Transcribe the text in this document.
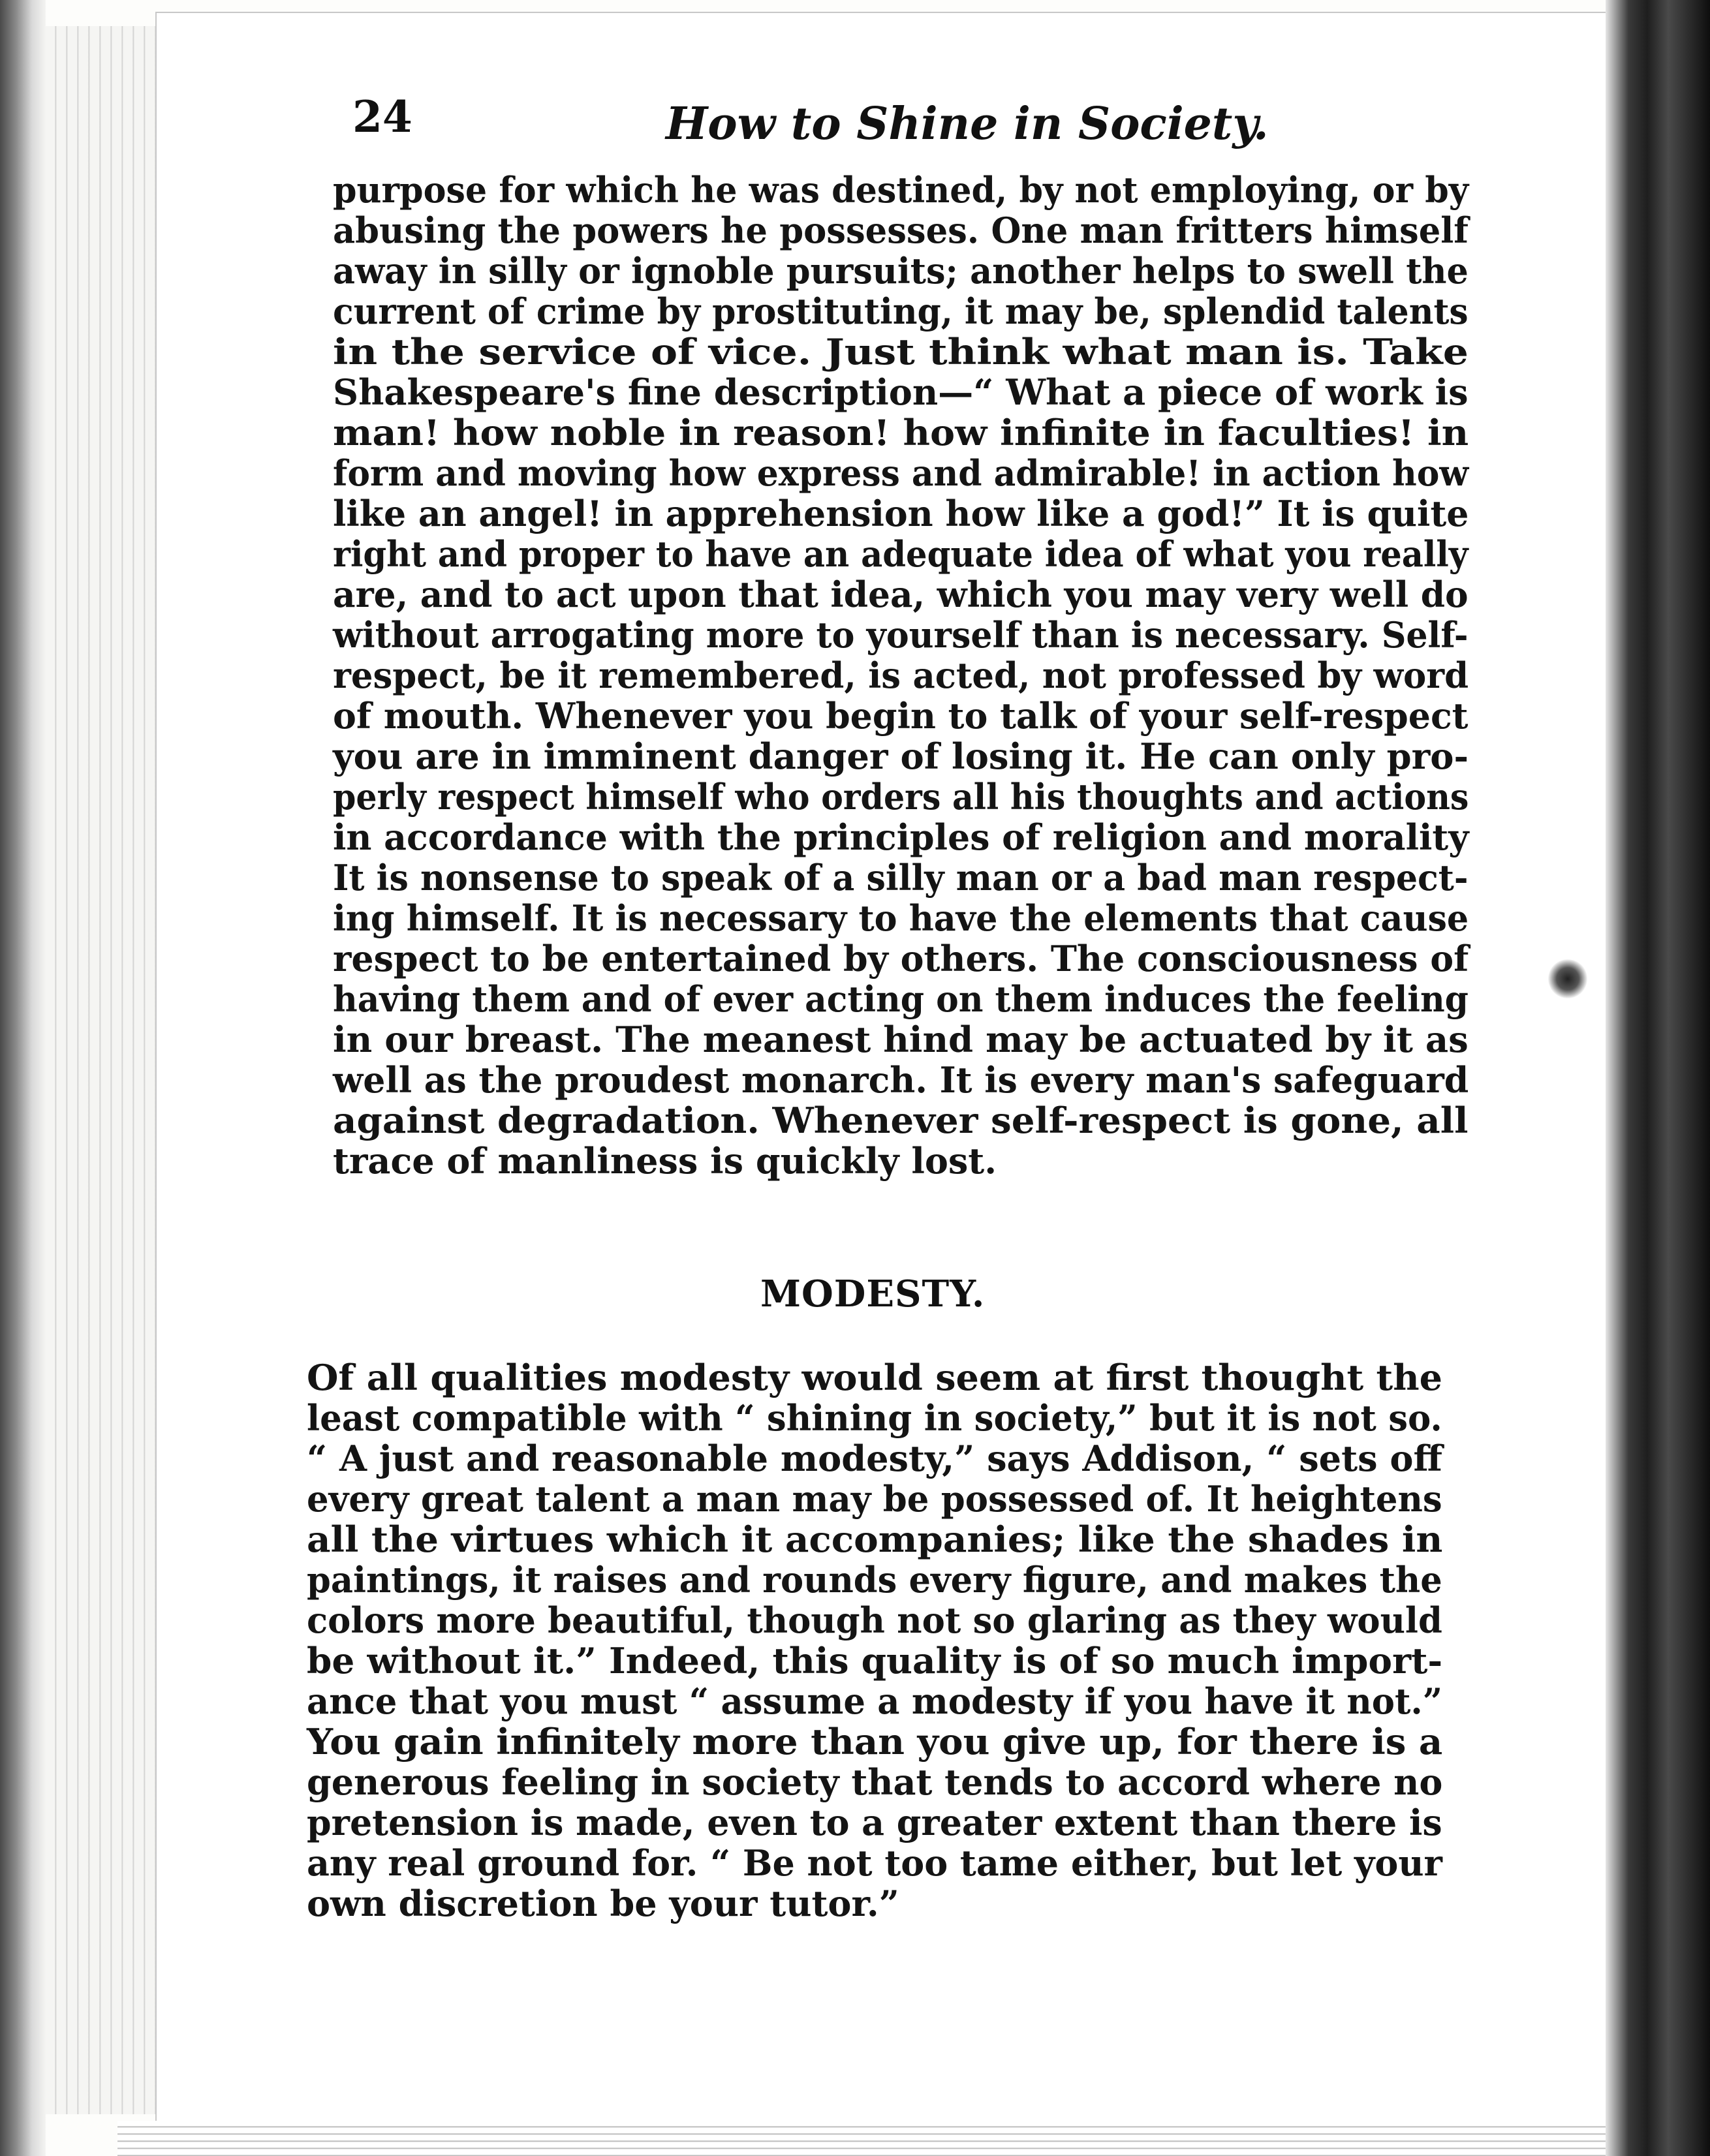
24	How to Shine in Society.
purpose for which he was destined, by not employing, or by
abusing the powers he possesses. One man fritters himself
away in silly or ignoble pursuits; another helps to swell the
current of crime by prostituting, it may be, splendid talents
in the service of vice. Just think what man is. Take
Shakespeare's fine description—“ What a piece of work is
man! how noble in reason! how infinite in faculties! in
form and moving how express and admirable! in action how
like an angel! in apprehension how like a god!” It is quite
right and proper to have an adequate idea of what you really
are, and to act upon that idea, which you may very well do
without arrogating more to yourself than is necessary. Self-
respect, be it remembered, is acted, not professed by word
of mouth. Whenever you begin to talk of your self-respect
you are in imminent danger of losing it. He can only pro-
perly respect himself who orders all his thoughts and actions
in accordance with the principles of religion and morality
It is nonsense to speak of a silly man or a bad man respect-
ing himself. It is necessary to have the elements that cause
respect to be entertained by others. The consciousness of
having them and of ever acting on them induces the feeling
in our breast. The meanest hind may be actuated by it as
well as the proudest monarch. It is every man's safeguard
against degradation. Whenever self-respect is gone, all
trace of manliness is quickly lost.
MODESTY.
Of all qualities modesty would seem at first thought the
least compatible with “ shining in society,” but it is not so.
“ A just and reasonable modesty,” says Addison, “ sets off
every great talent a man may be possessed of. It heightens
all the virtues which it accompanies; like the shades in
paintings, it raises and rounds every figure, and makes the
colors more beautiful, though not so glaring as they would
be without it.” Indeed, this quality is of so much import-
ance that you must “ assume a modesty if you have it not.”
You gain infinitely more than you give up, for there is a
generous feeling in society that tends to accord where no
pretension is made, even to a greater extent than there is
any real ground for. “ Be not too tame either, but let your
own discretion be your tutor.”
